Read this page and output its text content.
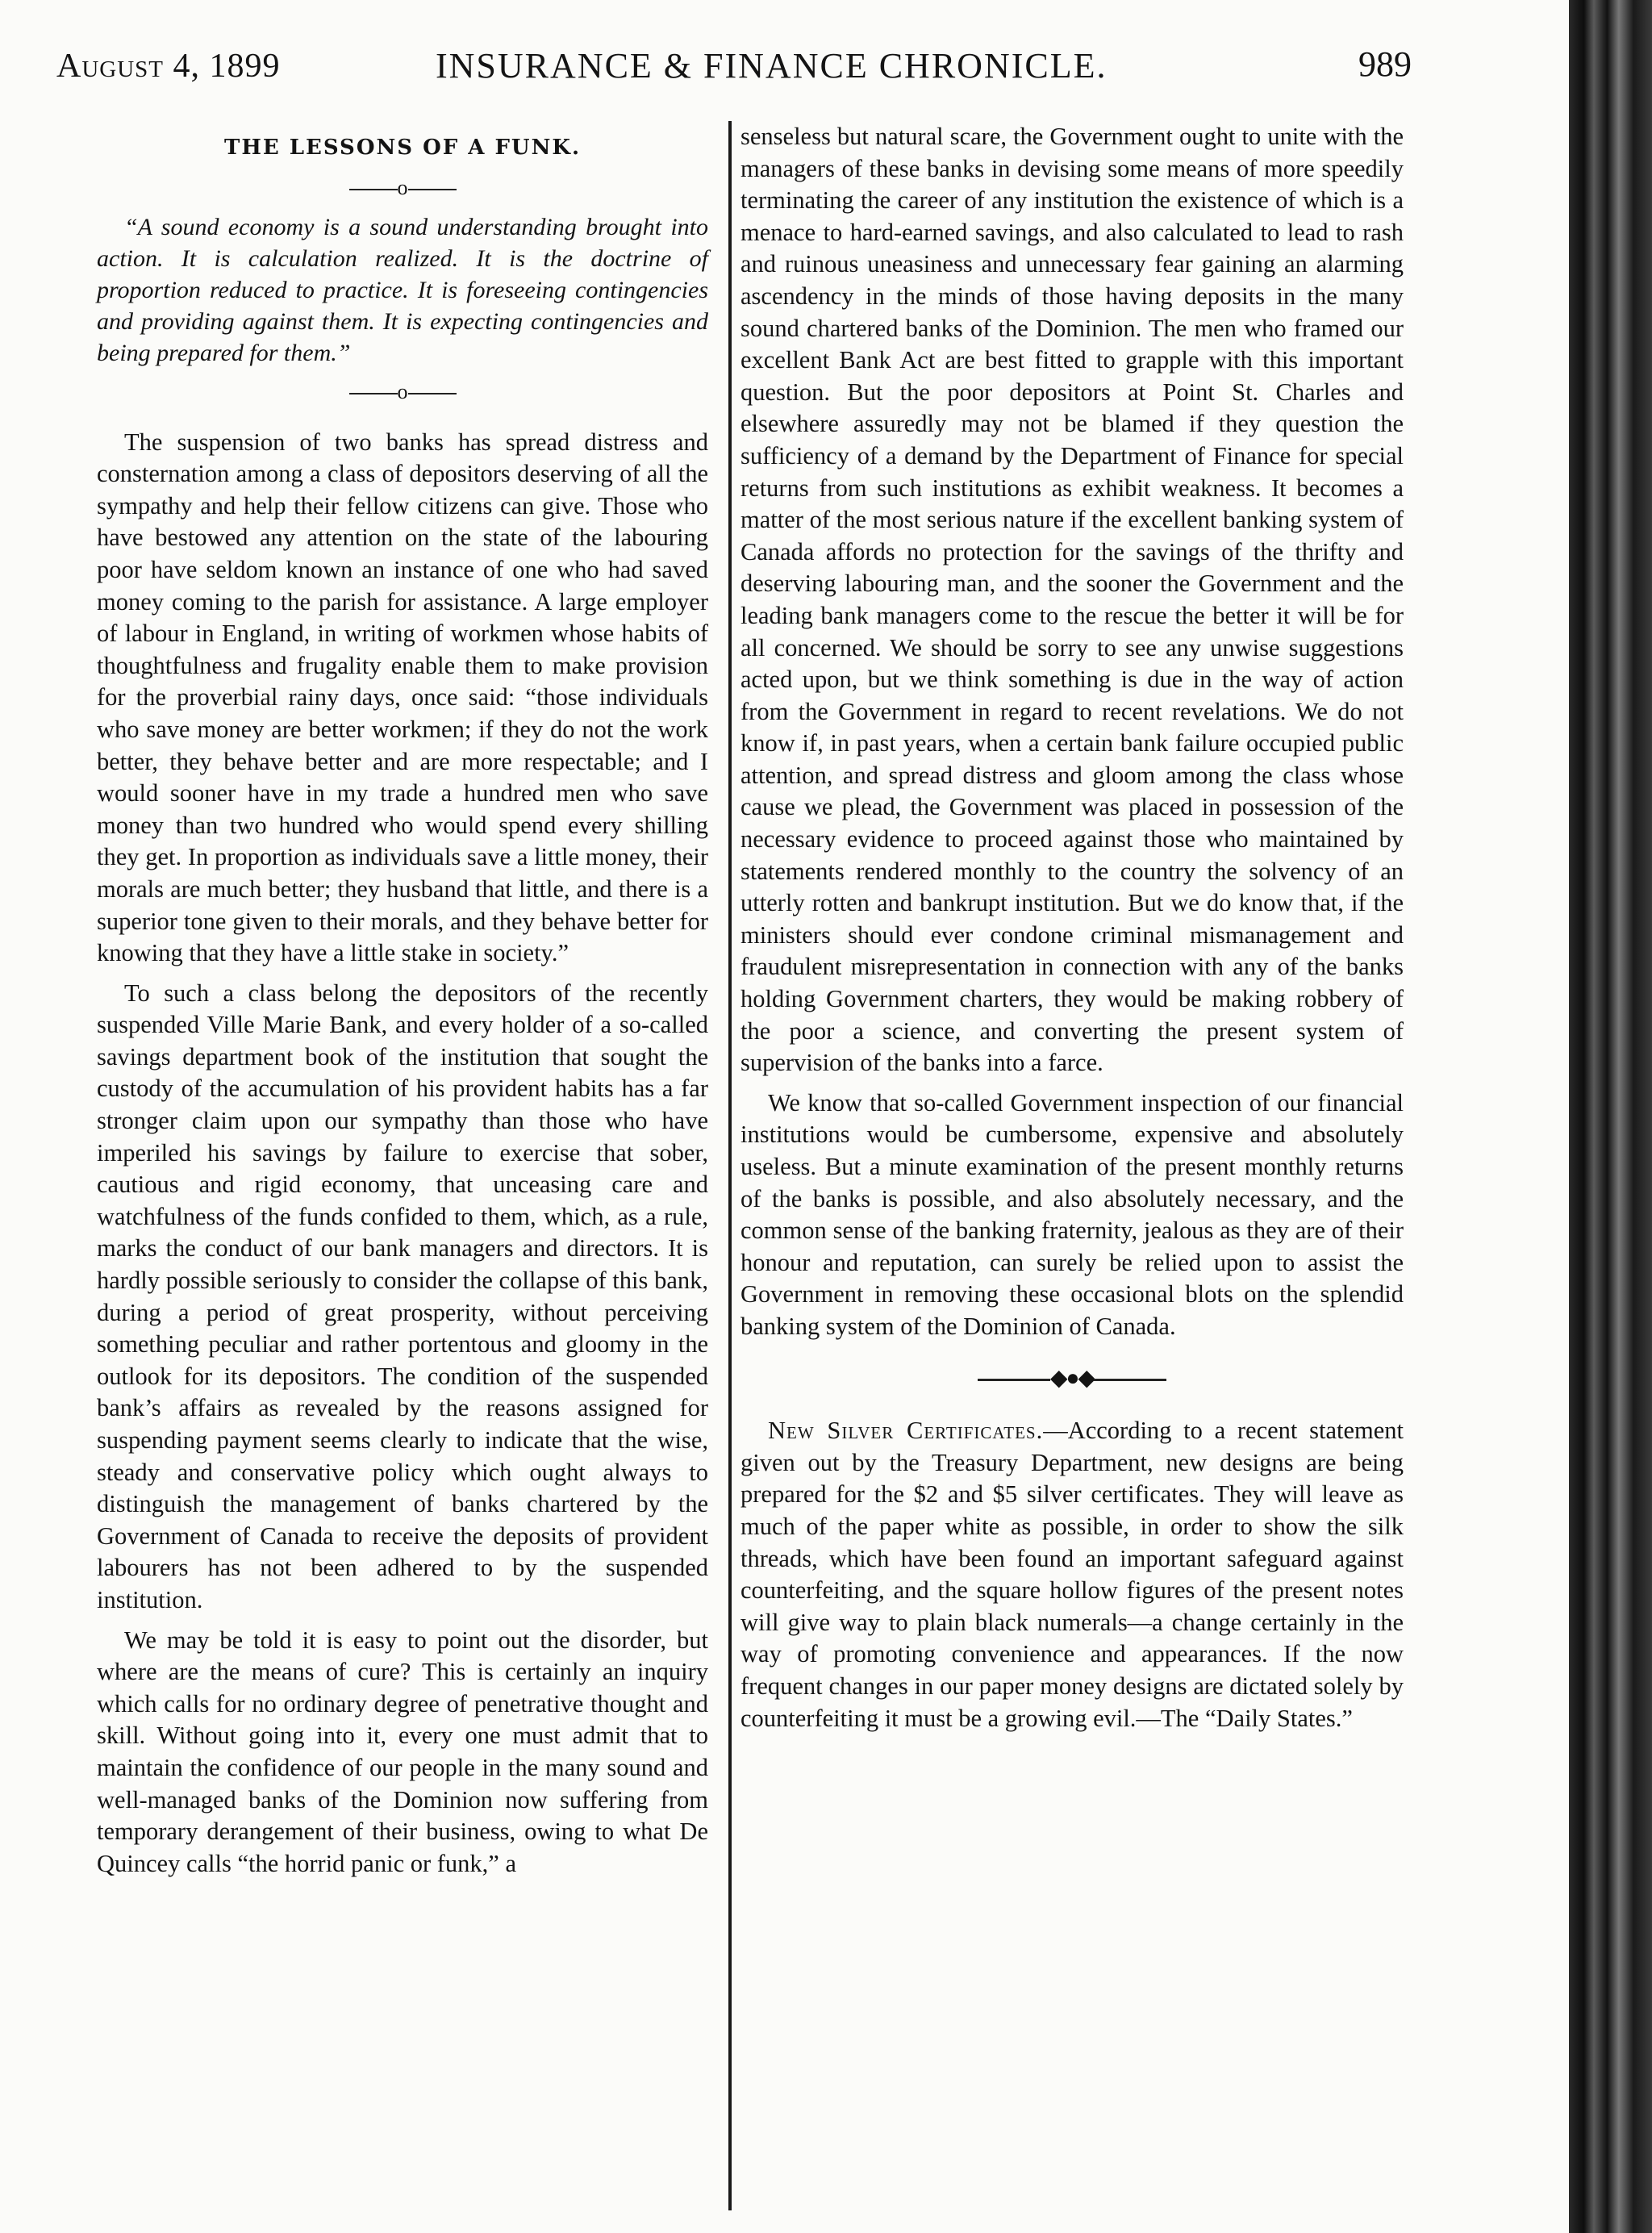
August 4, 1899	INSURANCE & FINANCE CHRONICLE.	989
THE LESSONS OF A FUNK.
o

“A sound economy is a sound understanding brought into action. It is calculation realized. It is the doctrine of proportion reduced to practice. It is foreseeing contingencies and providing against them. It is expecting contingencies and being prepared for them.”

o

The suspension of two banks has spread distress and consternation among a class of depositors deserving of all the sympathy and help their fellow citizens can give. Those who have bestowed any attention on the state of the labouring poor have seldom known an instance of one who had saved money coming to the parish for assistance. A large employer of labour in England, in writing of workmen whose habits of thoughtfulness and frugality enable them to make provision for the proverbial rainy days, once said: “those individuals who save money are better workmen; if they do not the work better, they behave better and are more respectable; and I would sooner have in my trade a hundred men who save money than two hundred who would spend every shilling they get. In proportion as individuals save a little money, their morals are much better; they husband that little, and there is a superior tone given to their morals, and they behave better for knowing that they have a little stake in society.”

To such a class belong the depositors of the recently suspended Ville Marie Bank, and every holder of a so-called savings department book of the institution that sought the custody of the accumulation of his provident habits has a far stronger claim upon our sympathy than those who have imperiled his savings by failure to exercise that sober, cautious and rigid economy, that unceasing care and watchfulness of the funds confided to them, which, as a rule, marks the conduct of our bank managers and directors. It is hardly possible seriously to consider the collapse of this bank, during a period of great prosperity, without perceiving something peculiar and rather portentous and gloomy in the outlook for its depositors. The condition of the suspended bank’s affairs as revealed by the reasons assigned for suspending payment seems clearly to indicate that the wise, steady and conservative policy which ought always to distinguish the management of banks chartered by the Government of Canada to receive the deposits of provident labourers has not been adhered to by the suspended institution.

We may be told it is easy to point out the disorder, but where are the means of cure? This is certainly an inquiry which calls for no ordinary degree of penetrative thought and skill. Without going into it, every one must admit that to maintain the confidence of our people in the many sound and well-managed banks of the Dominion now suffering from temporary derangement of their business, owing to what De Quincey calls “the horrid panic or funk,” a

senseless but natural scare, the Government ought to unite with the managers of these banks in devising some means of more speedily terminating the career of any institution the existence of which is a menace to hard-earned savings, and also calculated to lead to rash and ruinous uneasiness and unnecessary fear gaining an alarming ascendency in the minds of those having deposits in the many sound chartered banks of the Dominion. The men who framed our excellent Bank Act are best fitted to grapple with this important question. But the poor depositors at Point St. Charles and elsewhere assuredly may not be blamed if they question the sufficiency of a demand by the Department of Finance for special returns from such institutions as exhibit weakness. It becomes a matter of the most serious nature if the excellent banking system of Canada affords no protection for the savings of the thrifty and deserving labouring man, and the sooner the Government and the leading bank managers come to the rescue the better it will be for all concerned. We should be sorry to see any unwise suggestions acted upon, but we think something is due in the way of action from the Government in regard to recent revelations. We do not know if, in past years, when a certain bank failure occupied public attention, and spread distress and gloom among the class whose cause we plead, the Government was placed in possession of the necessary evidence to proceed against those who maintained by statements rendered monthly to the country the solvency of an utterly rotten and bankrupt institution. But we do know that, if the ministers should ever condone criminal mismanagement and fraudulent misrepresentation in connection with any of the banks holding Government charters, they would be making robbery of the poor a science, and converting the present system of supervision of the banks into a farce.

We know that so-called Government inspection of our financial institutions would be cumbersome, expensive and absolutely useless. But a minute examination of the present monthly returns of the banks is possible, and also absolutely necessary, and the common sense of the banking fraternity, jealous as they are of their honour and reputation, can surely be relied upon to assist the Government in removing these occasional blots on the splendid banking system of the Dominion of Canada.

◆●◆

New Silver Certificates.—According to a recent statement given out by the Treasury Department, new designs are being prepared for the $2 and $5 silver certificates. They will leave as much of the paper white as possible, in order to show the silk threads, which have been found an important safeguard against counterfeiting, and the square hollow figures of the present notes will give way to plain black numerals—a change certainly in the way of promoting convenience and appearances. If the now frequent changes in our paper money designs are dictated solely by counterfeiting it must be a growing evil.—The “Daily States.”
